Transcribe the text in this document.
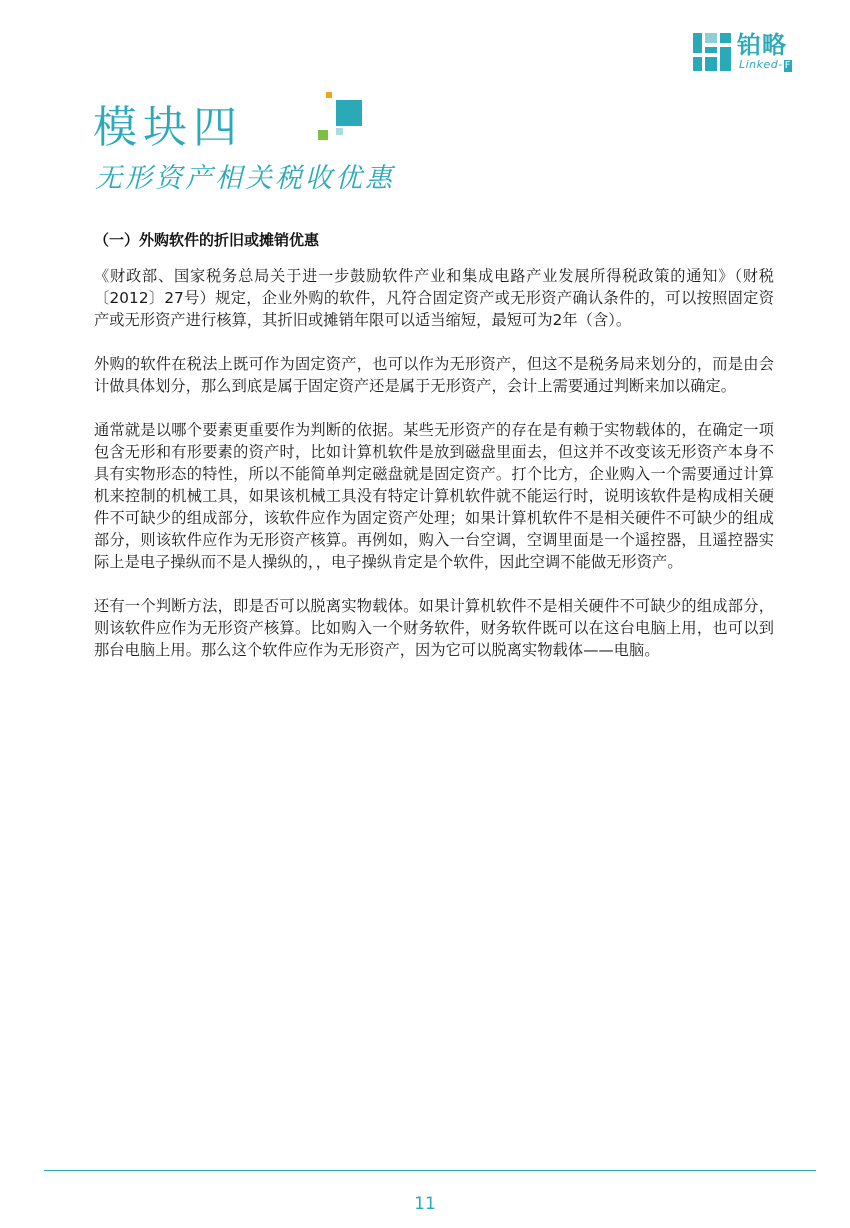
铂略
Linked- F
模块四
无形资产相关税收优惠
（一）外购软件的折旧或摊销优惠

《财政部、国家税务总局关于进一步鼓励软件产业和集成电路产业发展所得税政策的通知》（财税〔2012〕27号）规定，企业外购的软件，凡符合固定资产或无形资产确认条件的，可以按照固定资产或无形资产进行核算，其折旧或摊销年限可以适当缩短，最短可为2年（含）。

外购的软件在税法上既可作为固定资产，也可以作为无形资产，但这不是税务局来划分的，而是由会计做具体划分，那么到底是属于固定资产还是属于无形资产，会计上需要通过判断来加以确定。

通常就是以哪个要素更重要作为判断的依据。某些无形资产的存在是有赖于实物载体的，在确定一项包含无形和有形要素的资产时，比如计算机软件是放到磁盘里面去，但这并不改变该无形资产本身不具有实物形态的特性，所以不能简单判定磁盘就是固定资产。打个比方，企业购入一个需要通过计算机来控制的机械工具，如果该机械工具没有特定计算机软件就不能运行时，说明该软件是构成相关硬件不可缺少的组成部分，该软件应作为固定资产处理；如果计算机软件不是相关硬件不可缺少的组成部分，则该软件应作为无形资产核算。再例如，购入一台空调，空调里面是一个遥控器，且遥控器实际上是电子操纵而不是人操纵的，，电子操纵肯定是个软件，因此空调不能做无形资产。

还有一个判断方法，即是否可以脱离实物载体。如果计算机软件不是相关硬件不可缺少的组成部分，则该软件应作为无形资产核算。比如购入一个财务软件，财务软件既可以在这台电脑上用，也可以到那台电脑上用。那么这个软件应作为无形资产，因为它可以脱离实物载体——电脑。

11
